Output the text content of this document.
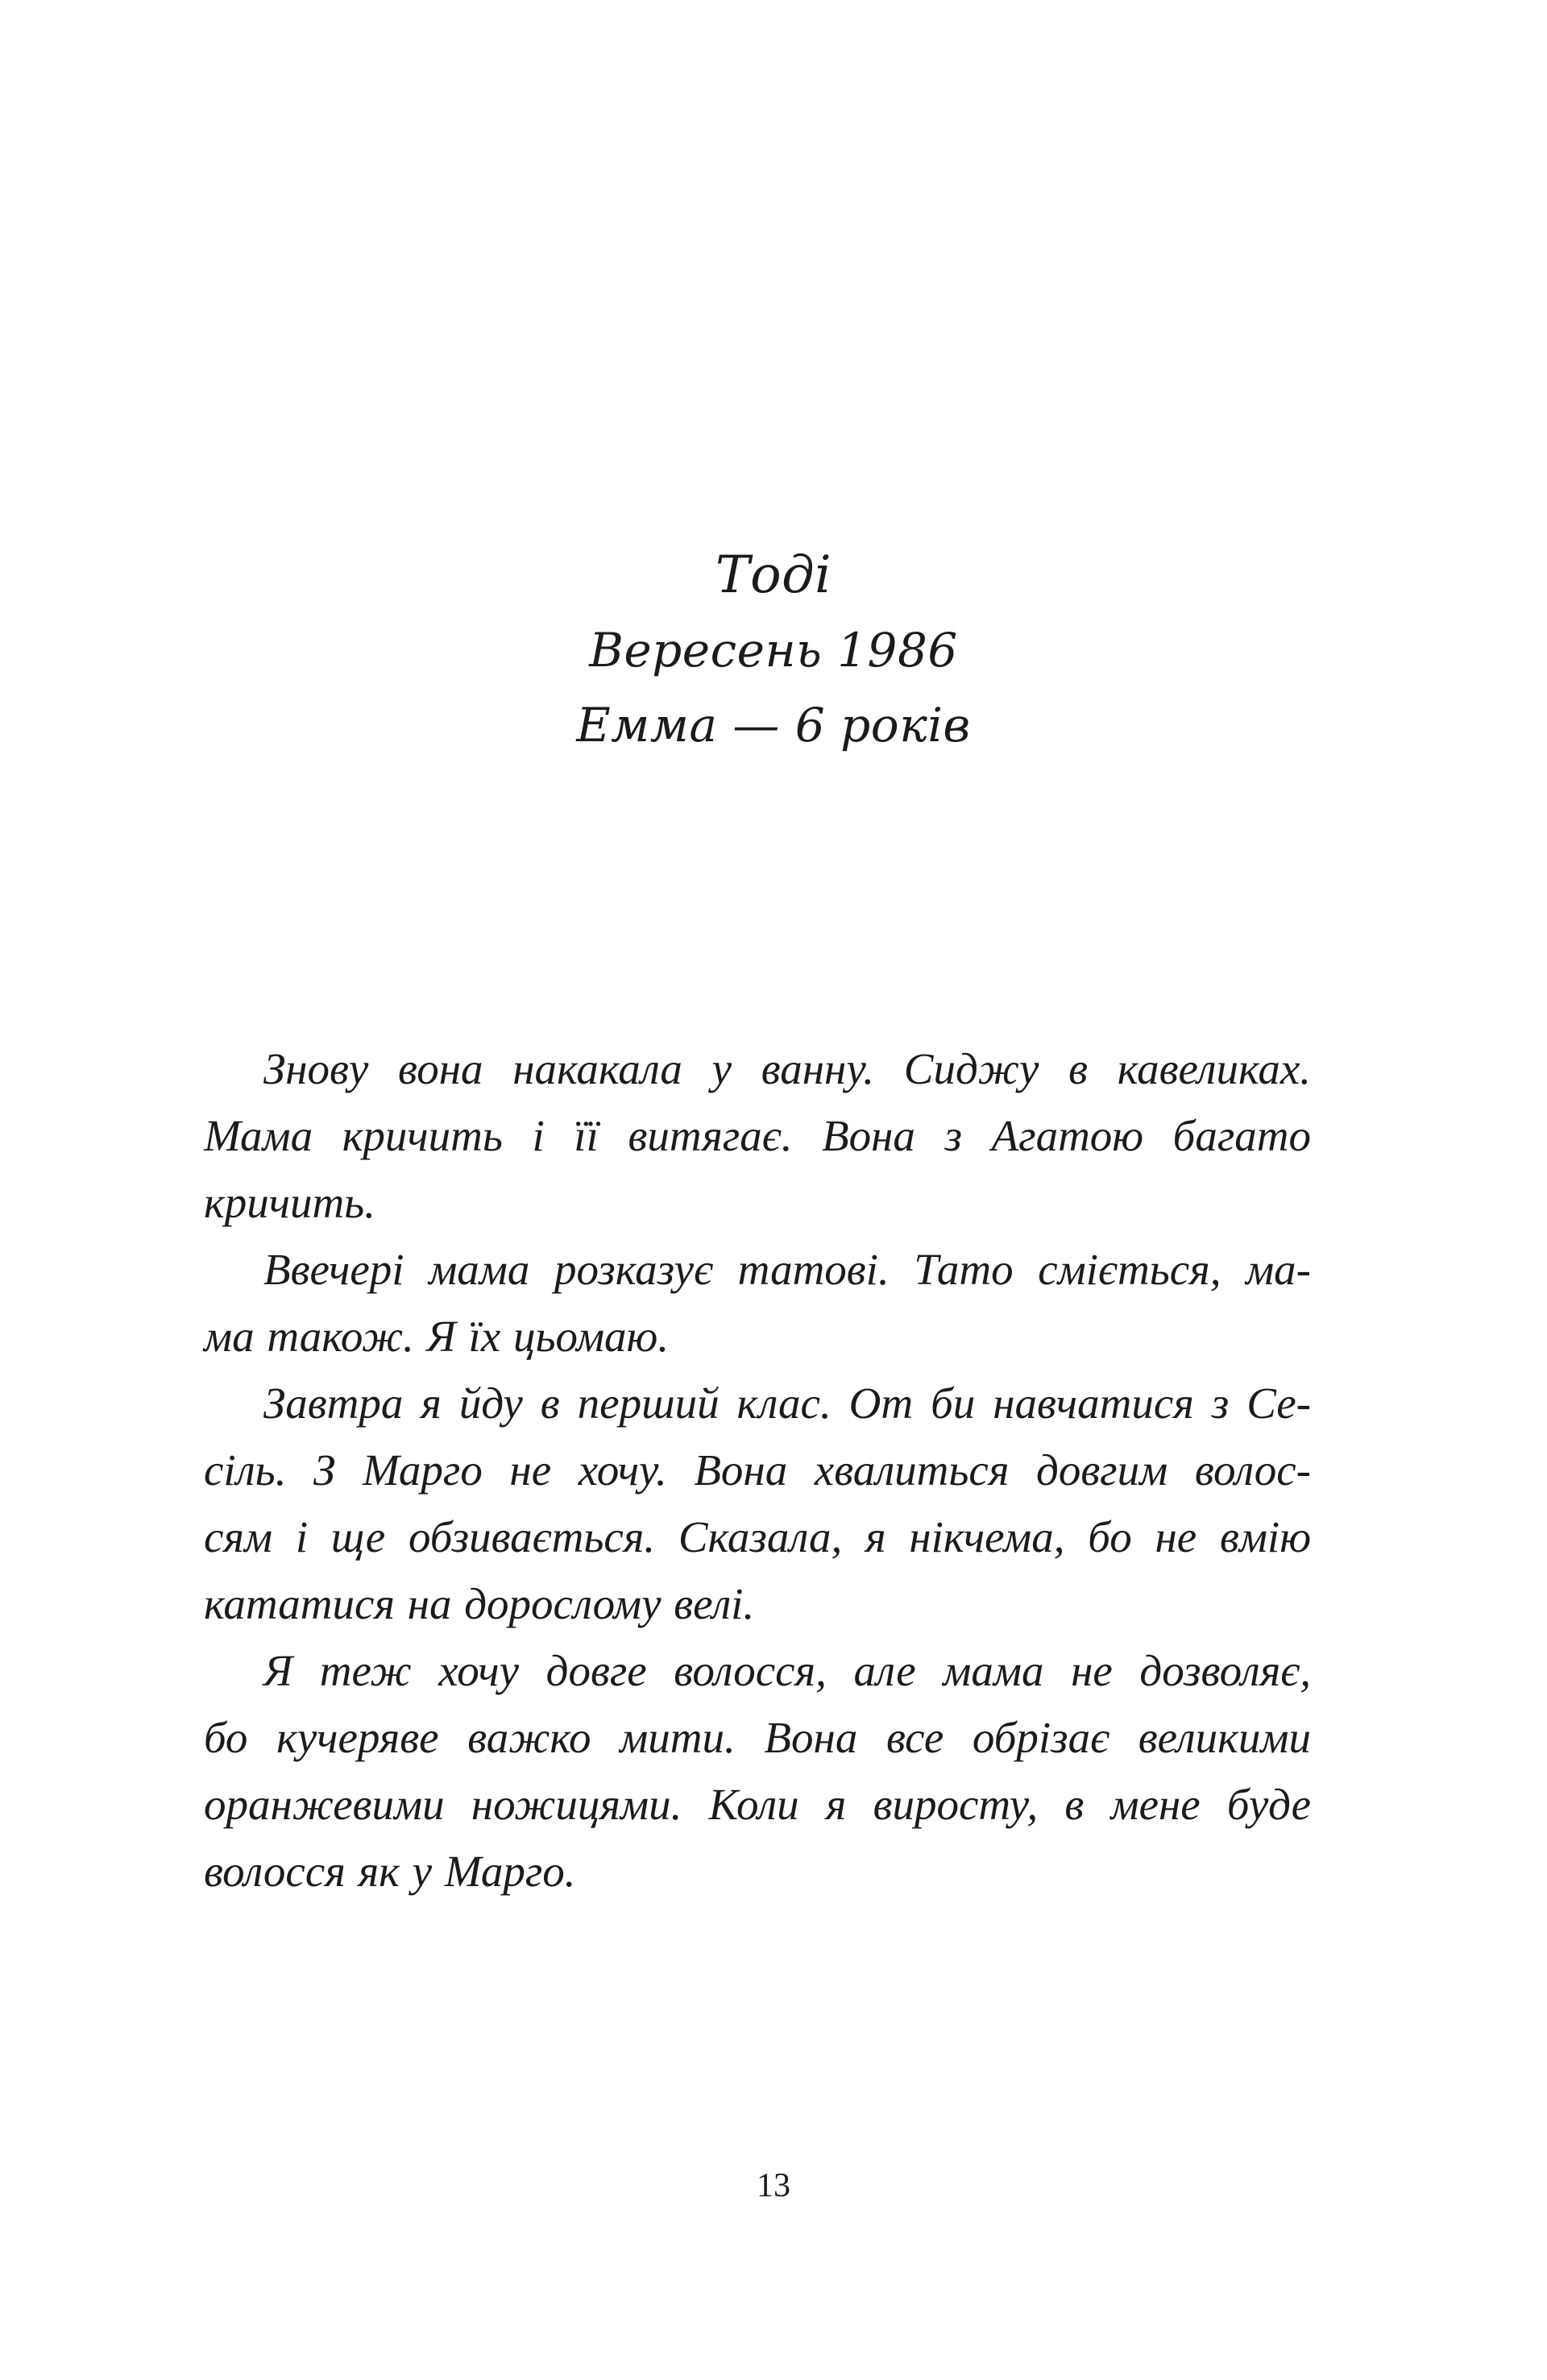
Тоді
Вересень 1986
Емма — 6 років
Знову вона накакала у ванну. Сиджу в кавеликах.
Мама кричить і її витягає. Вона з Агатою багато
кричить.
Ввечері мама розказує татові. Тато сміється, ма-
ма також. Я їх цьомаю.
Завтра я йду в перший клас. От би навчатися з Се-
сіль. З Марго не хочу. Вона хвалиться довгим волос-
сям і ще обзивається. Сказала, я нікчема, бо не вмію
кататися на дорослому велі.
Я теж хочу довге волосся, але мама не дозволяє,
бо кучеряве важко мити. Вона все обрізає великими
оранжевими ножицями. Коли я виросту, в мене буде
волосся як у Марго.
13
